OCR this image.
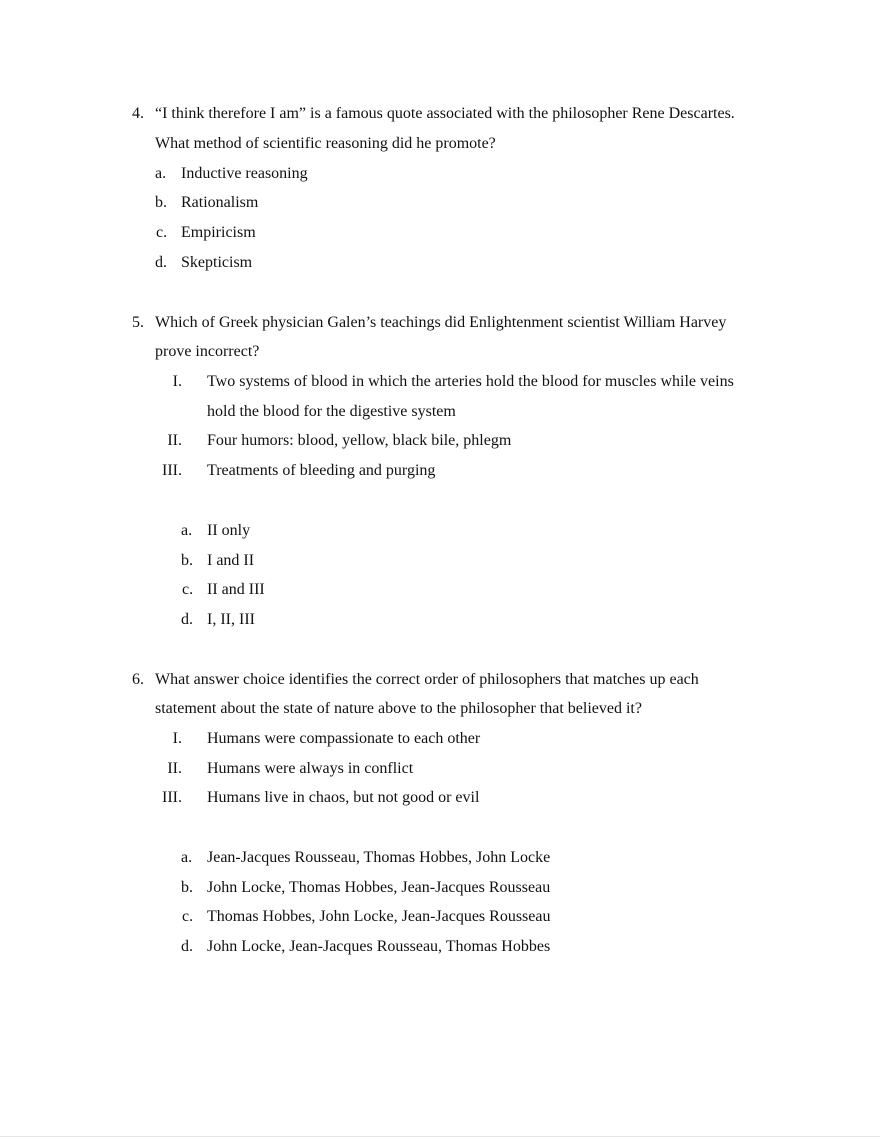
4. “I think therefore I am” is a famous quote associated with the philosopher Rene Descartes.
What method of scientific reasoning did he promote?
a. Inductive reasoning
b. Rationalism
c. Empiricism
d. Skepticism
5. Which of Greek physician Galen’s teachings did Enlightenment scientist William Harvey
prove incorrect?
I. Two systems of blood in which the arteries hold the blood for muscles while veins
hold the blood for the digestive system
II. Four humors: blood, yellow, black bile, phlegm
III. Treatments of bleeding and purging
a. II only
b. I and II
c. II and III
d. I, II, III
6. What answer choice identifies the correct order of philosophers that matches up each
statement about the state of nature above to the philosopher that believed it?
I. Humans were compassionate to each other
II. Humans were always in conflict
III. Humans live in chaos, but not good or evil
a. Jean-Jacques Rousseau, Thomas Hobbes, John Locke
b. John Locke, Thomas Hobbes, Jean-Jacques Rousseau
c. Thomas Hobbes, John Locke, Jean-Jacques Rousseau
d. John Locke, Jean-Jacques Rousseau, Thomas Hobbes
